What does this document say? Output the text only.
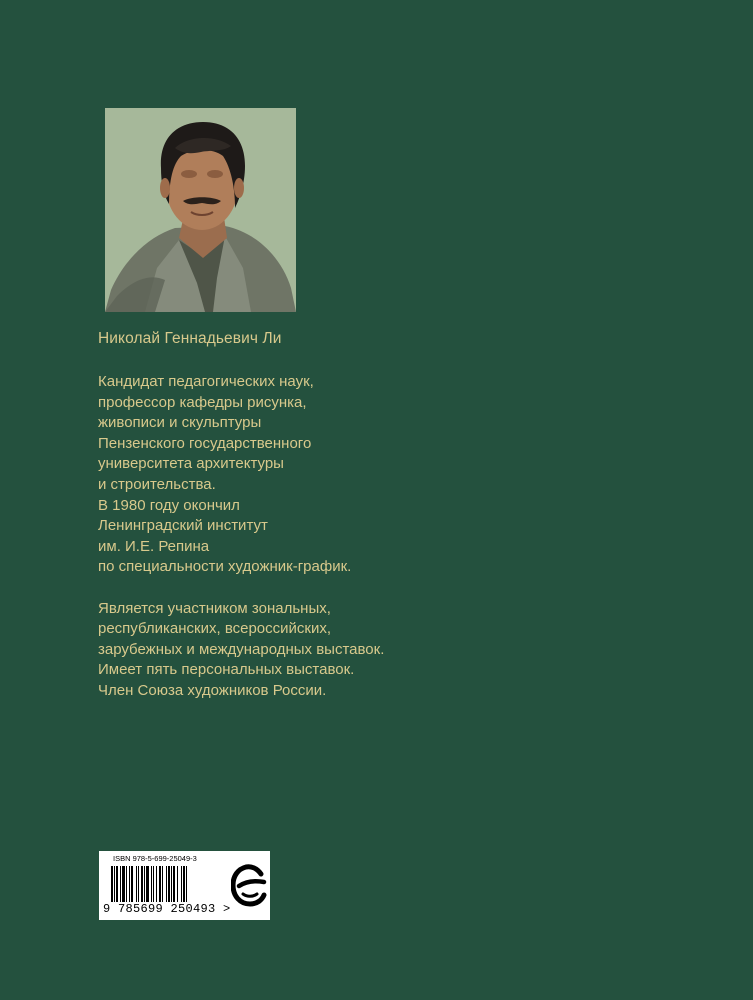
Николай Геннадьевич Ли

Кандидат педагогических наук,
профессор кафедры рисунка,
живописи и скульптуры
Пензенского государственного
университета архитектуры
и строительства.
В 1980 году окончил
Ленинградский институт
им. И.Е. Репина
по специальности художник-график.

Является участником зональных,
республиканских, всероссийских,
зарубежных и международных выставок.
Имеет пять персональных выставок.
Член Союза художников России.

ISBN 978-5-699-25049-3
9 785699 250493 >
